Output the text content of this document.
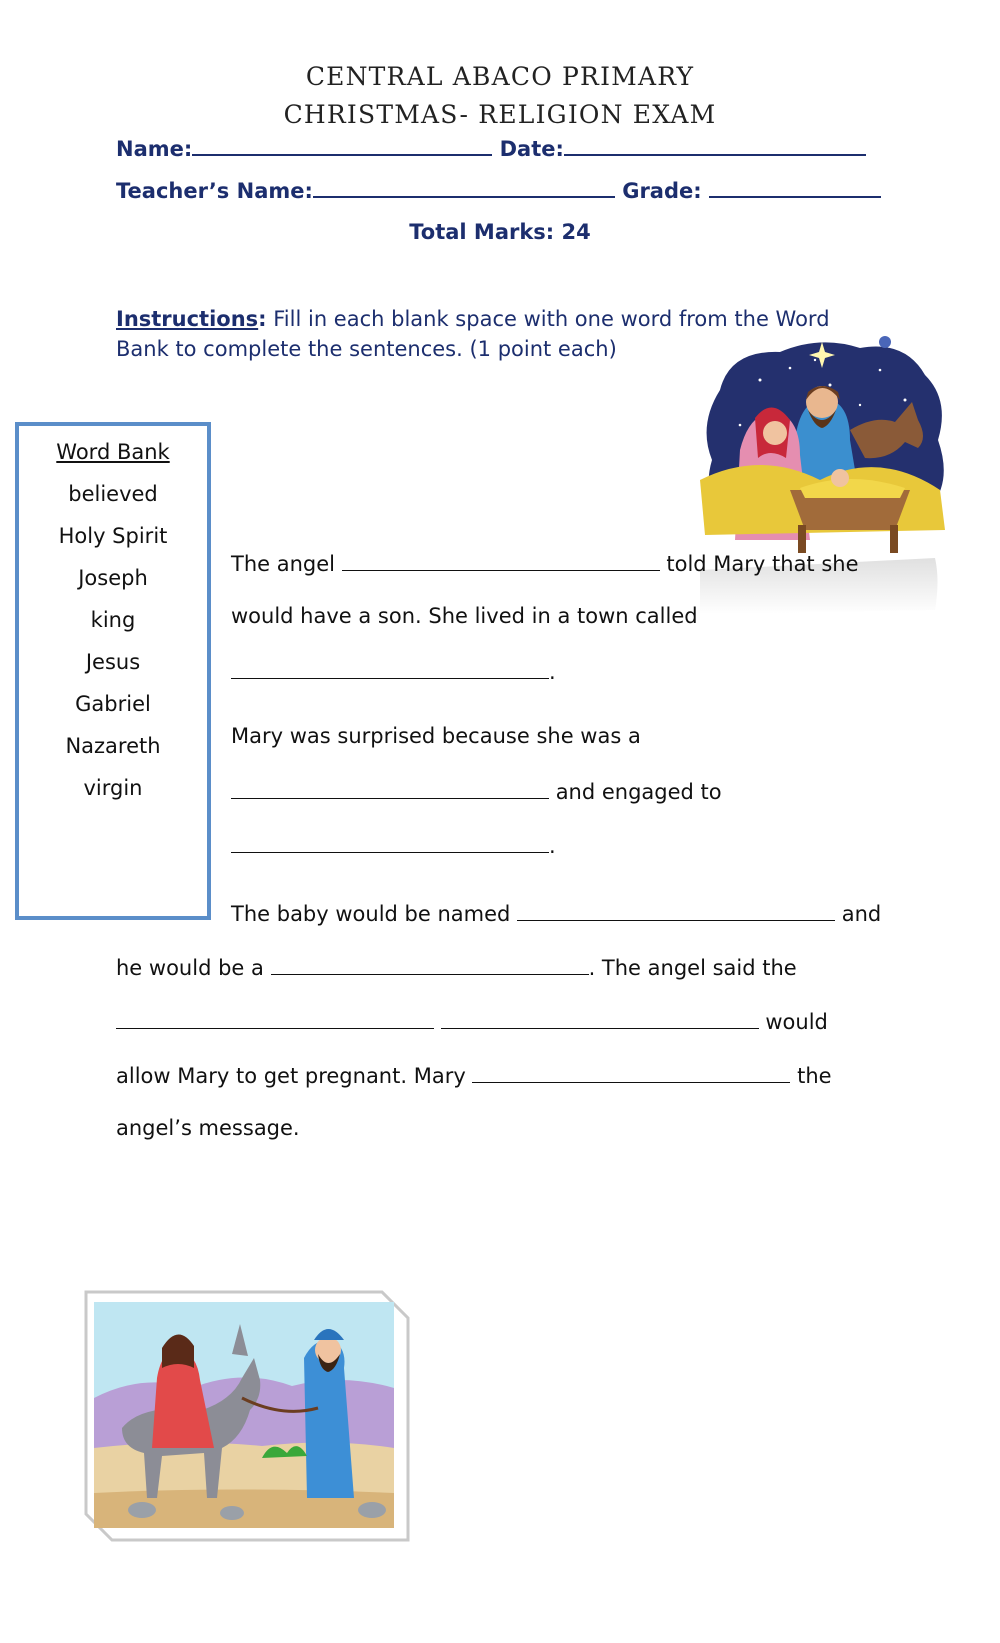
CENTRAL ABACO PRIMARY
CHRISTMAS- RELIGION EXAM
Name:	Date:
Teacher’s Name:	Grade:
Total Marks: 24
Instructions: Fill in each blank space with one word from the Word Bank to complete the sentences. (1 point each)
Word Bank
believed
Holy Spirit
Joseph
king
Jesus
Gabriel
Nazareth
virgin
The angel	told Mary that she
would have a son. She lived in a town called
.
Mary was surprised because she was a
and engaged to
.
The baby would be named	and
he would be a	. The angel said the
would
allow Mary to get pregnant. Mary	the
angel’s message.
